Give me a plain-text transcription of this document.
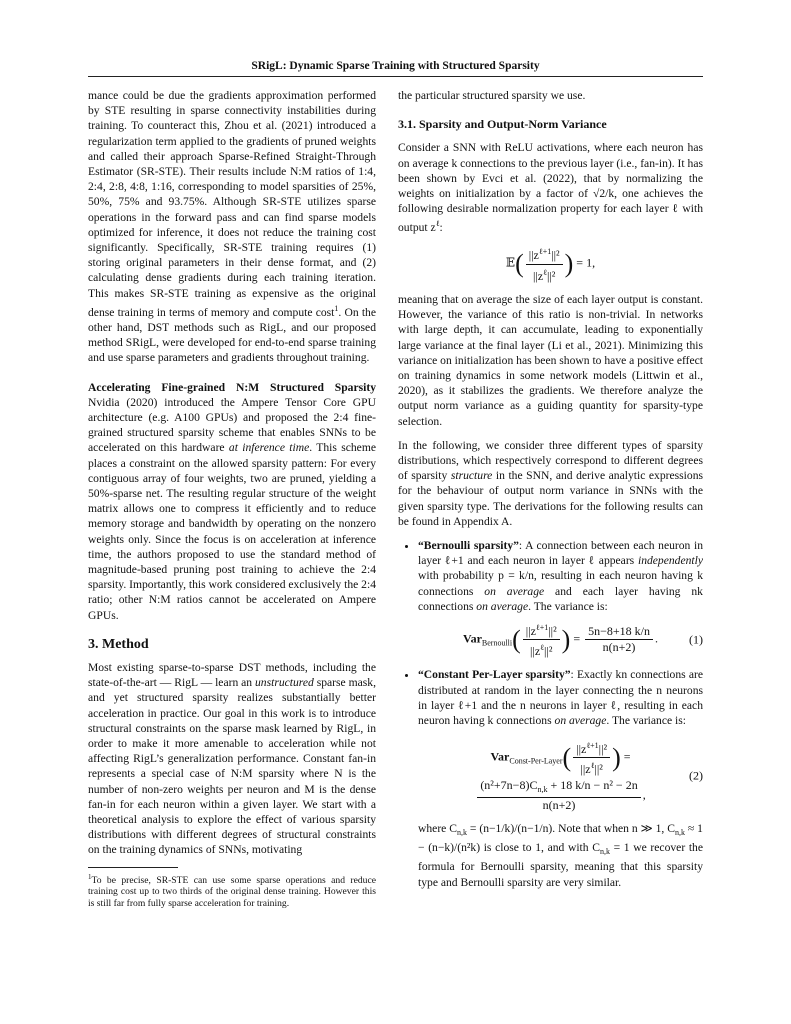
SRigL: Dynamic Sparse Training with Structured Sparsity

mance could be due the gradients approximation performed by STE resulting in sparse connectivity instabilities during training. To counteract this, Zhou et al. (2021) introduced a regularization term applied to the gradients of pruned weights and called their approach Sparse-Refined Straight-Through Estimator (SR-STE). Their results include N:M ratios of 1:4, 2:4, 2:8, 4:8, 1:16, corresponding to model sparsities of 25%, 50%, 75% and 93.75%. Although SR-STE utilizes sparse operations in the forward pass and can find sparse models optimized for inference, it does not reduce the training cost significantly. Specifically, SR-STE training requires (1) storing original parameters in their dense format, and (2) calculating dense gradients during each training iteration. This makes SR-STE training as expensive as the original dense training in terms of memory and compute cost$^1$. On the other hand, DST methods such as RigL, and our proposed method SRigL, were developed for end-to-end sparse training and use sparse parameters and gradients throughout training.

Accelerating Fine-grained N:M Structured Sparsity Nvidia (2020) introduced the Ampere Tensor Core GPU architecture (e.g. A100 GPUs) and proposed the 2:4 fine-grained structured sparsity scheme that enables SNNs to be accelerated on this hardware at inference time. This scheme places a constraint on the allowed sparsity pattern: For every contiguous array of four weights, two are pruned, yielding a 50%-sparse net. The resulting regular structure of the weight matrix allows one to compress it efficiently and to reduce memory storage and bandwidth by operating on the nonzero weights only. Since the focus is on acceleration at inference time, the authors proposed to use the standard method of magnitude-based pruning post training to achieve the 2:4 sparsity. Importantly, this work considered exclusively the 2:4 ratio; other N:M ratios cannot be accelerated on Ampere GPUs.

3. Method

Most existing sparse-to-sparse DST methods, including the state-of-the-art — RigL — learn an unstructured sparse mask, and yet structured sparsity realizes substantially better acceleration in practice. Our goal in this work is to introduce structural constraints on the sparse mask learned by RigL, in order to make it more amenable to acceleration while not affecting RigL’s generalization performance. Constant fan-in represents a special case of N:M sparsity where N is the number of non-zero weights per neuron and M is the dense fan-in for each neuron within a given layer. We start with a theoretical analysis to explore the effect of various sparsity distributions with different degrees of structural constraints on the training dynamics of SNNs, motivating

$^1$To be precise, SR-STE can use some sparse operations and reduce training cost up to two thirds of the original dense training. However this is still far from fully sparse acceleration for training.

the particular structured sparsity we use.

3.1. Sparsity and Output-Norm Variance

Consider a SNN with ReLU activations, where each neuron has on average k connections to the previous layer (i.e., fan-in). It has been shown by Evci et al. (2022), that by normalizing the weights on initialization by a factor of √2/k, one achieves the following desirable normalization property for each layer ℓ with output $z^\ell$:

𝔼( $\frac{||z^{\ell+1}||^2}{||z^\ell||^2}$ ) = 1,

meaning that on average the size of each layer output is constant. However, the variance of this ratio is non-trivial. In networks with large depth, it can accumulate, leading to exponentially large variance at the final layer (Li et al., 2021). Minimizing this variance on initialization has been shown to have a positive effect on training dynamics in some network models (Littwin et al., 2020), as it stabilizes the gradients. We therefore analyze the output norm variance as a guiding quantity for sparsity-type selection.

In the following, we consider three different types of sparsity distributions, which respectively correspond to different degrees of sparsity structure in the SNN, and derive analytic expressions for the behaviour of output norm variance in SNNs with the given sparsity type. The derivations for the following results can be found in Appendix A.

• “Bernoulli sparsity”: A connection between each neuron in layer ℓ+1 and each neuron in layer ℓ appears independently with probability p = k/n, resulting in each neuron having k connections on average and each layer having nk connections on average. The variance is:
$Var_{Bernoulli}( \frac{||z^{\ell+1}||^2}{||z^\ell||^2}$ ) = $\frac{5n-8+18 k/n}{n(n+2)}$ .	(1)
• “Constant Per-Layer sparsity”: Exactly kn connections are distributed at random in the layer connecting the n neurons in layer ℓ+1 and the n neurons in layer ℓ, resulting in each neuron having k connections on average. The variance is:
$Var_{Const-Per-Layer}( \frac{||z^{\ell+1}||^2}{||z^\ell||^2}$ ) =
$\frac{(n^2+7n-8)C_{n,k} + 18 k/n - n^2 - 2n}{n(n+2)}$ ,
(2)

where $C_{n,k} = (n-1/k)/(n-1/n)$. Note that when n ≫ 1, $C_{n,k} \approx 1 - (n-k)/(n^2k)$ is close to 1, and with $C_{n,k} = 1$ we recover the formula for Bernoulli sparsity, meaning that this sparsity type and Bernoulli sparsity are very similar.
